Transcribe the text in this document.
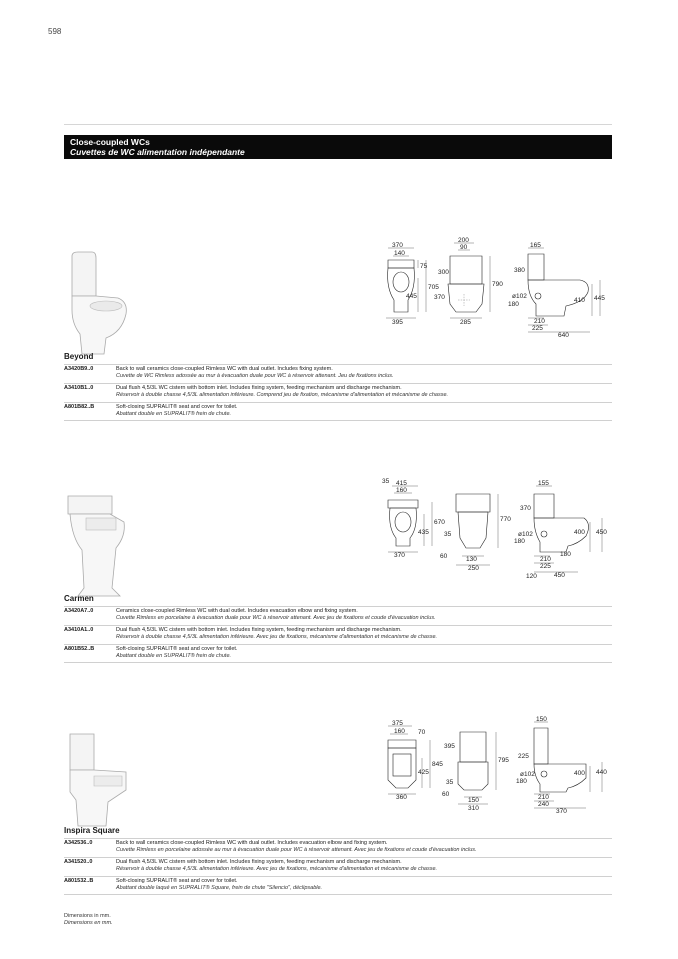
598
Close-coupled WCs
Cuvettes de WC alimentation indépendante
370
140
75
705
445
395
200
90
300
790
370
285
165
380
ø102
180
410 445
210
225
640
Beyond
A3420B9..0	Back to wall ceramics close-coupled Rimless WC with dual outlet. Includes fixing system.
Cuvette de WC Rimless adossée au mur à évacuation duale pour WC à réservoir attenant. Jeu de fixations inclus.
A3410B1..0	Dual flush 4,5/3L WC cistern with bottom inlet. Includes fixing system, feeding mechanism and discharge mechanism.
Réservoir à double chasse 4,5/3L alimentation inférieure. Comprend jeu de fixation, mécanisme d'alimentation et mécanisme de chasse.
A801B82..B	Soft-closing SUPRALIT® seat and cover for toilet.
Abattant double en SUPRALIT® frein de chute.
35 415
160
670
435
370
770
35
60	130
250
155
370
ø102
180
400 450
210
225
180
120	450
Carmen
A3420A7..0	Ceramics close-coupled Rimless WC with dual outlet. Includes evacuation elbow and fixing system.
Cuvette Rimless en porcelaine à évacuation duale pour WC à réservoir attenant. Avec jeu de fixations et coude d'évacuation inclus.
A3410A1..0	Dual flush 4,5/3L WC cistern with bottom inlet. Includes fixing system, feeding mechanism and discharge mechanism.
Réservoir à double chasse 4,5/3L alimentation inférieure. Avec jeu de fixations, mécanisme d'alimentation et mécanisme de chasse.
A801B52..B	Soft-closing SUPRALIT® seat and cover for toilet.
Abattant double en SUPRALIT® frein de chute.
375
160 70
845
425
360
395
795
35
60
150
310
150
225
ø102
180
400 440
210
240
370
Inspira Square
A342536..0	Back to wall ceramics close-coupled Rimless WC with dual outlet. Includes evacuation elbow and fixing system.
Cuvette Rimless en porcelaine adossée au mur à évacuation duale pour WC à réservoir attenant. Avec jeu de fixations et coude d'évacuation inclus.
A341520..0	Dual flush 4,5/3L WC cistern with bottom inlet. Includes fixing system, feeding mechanism and discharge mechanism.
Réservoir à double chasse 4,5/3L alimentation inférieure. Avec jeu de fixations, mécanisme d'alimentation et mécanisme de chasse.
A801532..B	Soft-closing SUPRALIT® seat and cover for toilet.
Abattant double laqué en SUPRALIT® Square, frein de chute "Silencio", déclipsable.
Dimensions in mm.
Dimensions en mm.
